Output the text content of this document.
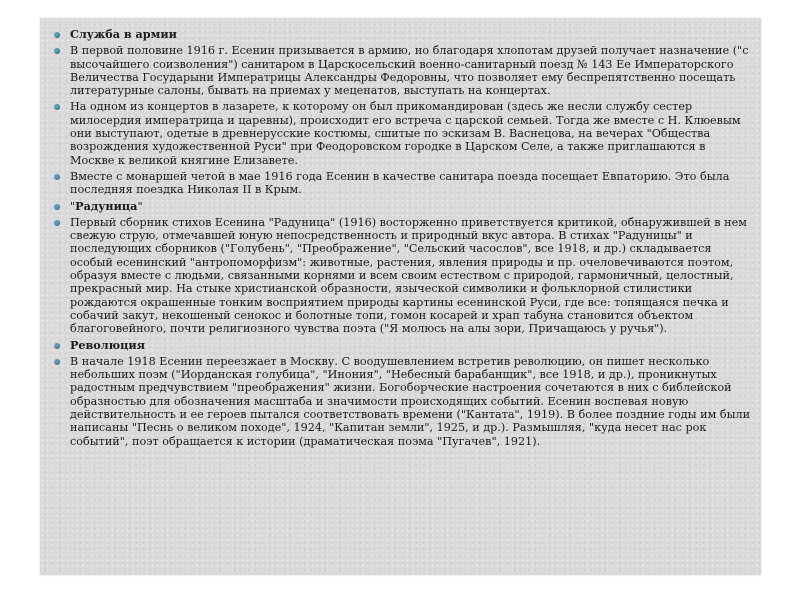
Служба в армии
В первой половине 1916 г. Есенин призывается в армию, но благодаря хлопотам друзей получает назначение ("с высочайшего соизволения") санитаром в Царскосельский военно-санитарный поезд № 143 Ее Императорского Величества Государыни Императрицы Александры Федоровны, что позволяет ему беспрепятственно посещать литературные салоны, бывать на приемах у меценатов, выступать на концертах.
На одном из концертов в лазарете, к которому он был прикомандирован (здесь же несли службу сестер милосердия императрица и царевны), происходит его встреча с царской семьей. Тогда же вместе с Н. Клюевым они выступают, одетые в древнерусские костюмы, сшитые по эскизам В. Васнецова, на вечерах "Общества возрождения художественной Руси" при Феодоровском городке в Царском Селе, а также приглашаются в Москве к великой княгине Елизавете.
Вместе с монаршей четой в мае 1916 года Есенин в качестве санитара поезда посещает Евпаторию. Это была последняя поездка Николая II в Крым.
"Радуница"
Первый сборник стихов Есенина "Радуница" (1916) восторженно приветствуется критикой, обнаружившей в нем свежую струю, отмечавшей юную непосредственность и природный вкус автора. В стихах "Радуницы" и последующих сборников ("Голубень", "Преображение", "Сельский часослов", все 1918, и др.) складывается особый есенинский "антропоморфизм": животные, растения, явления природы и пр. очеловечиваются поэтом, образуя вместе с людьми, связанными корнями и всем своим естеством с природой, гармоничный, целостный, прекрасный мир. На стыке христианской образности, языческой символики и фольклорной стилистики рождаются окрашенные тонким восприятием природы картины есенинской Руси, где все: топящаяся печка и собачий закут, некошеный сенокос и болотные топи, гомон косарей и храп табуна становится объектом благоговейного, почти религиозного чувства поэта ("Я молюсь на алы зори, Причащаюсь у ручья").
Революция
В начале 1918 Есенин переезжает в Москву. С воодушевлением встретив революцию, он пишет несколько небольших поэм ("Иорданская голубица", "Инония", "Небесный барабанщик", все 1918, и др.), проникнутых радостным предчувствием "преображения" жизни. Богоборческие настроения сочетаются в них с библейской образностью для обозначения масштаба и значимости происходящих событий. Есенин воспевая новую действительность и ее героев пытался соответствовать времени ("Кантата", 1919). В более поздние годы им были написаны "Песнь о великом походе", 1924, "Капитан земли", 1925, и др.). Размышляя, "куда несет нас рок событий", поэт обращается к истории (драматическая поэма "Пугачев", 1921).
